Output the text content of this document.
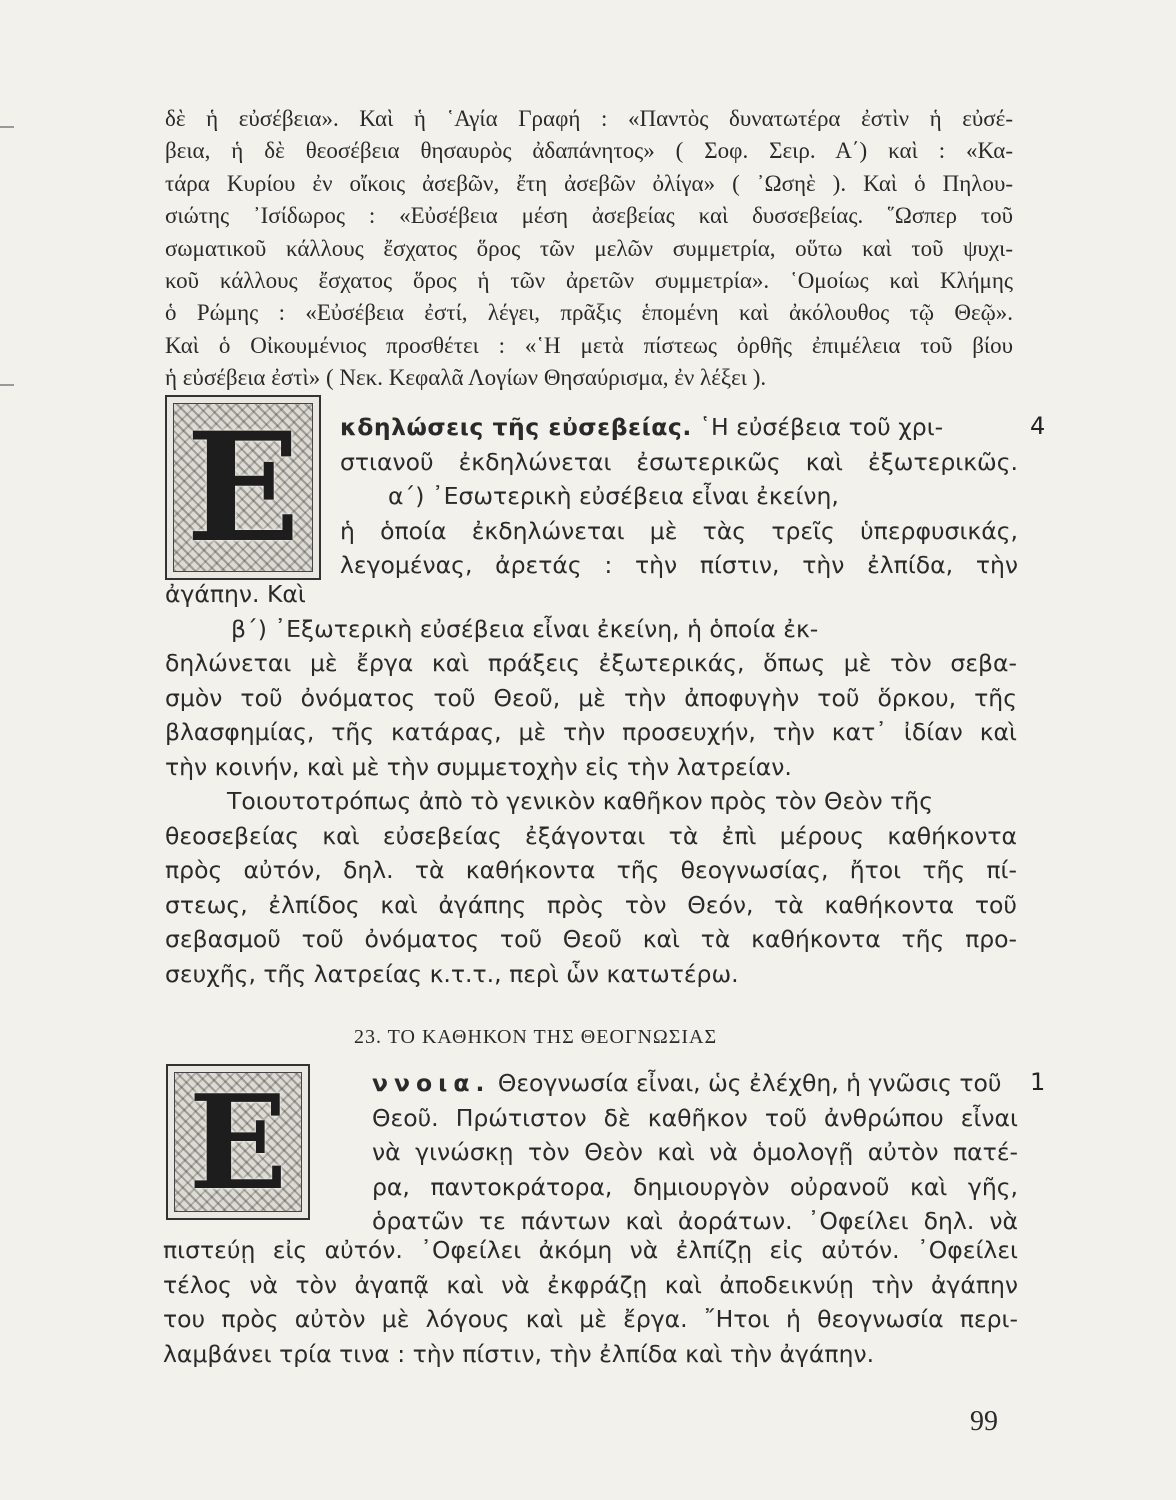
δὲ ἡ εὐσέβεια». Καὶ ἡ ῾Αγία Γραφή : «Παντὸς δυνατωτέρα ἐστὶν ἡ εὐσέ-
βεια, ἡ δὲ θεοσέβεια θησαυρὸς ἀδαπάνητος» ( Σοφ. Σειρ. Α΄) καὶ : «Κα-
τάρα Κυρίου ἐν οἴκοις ἀσεβῶν, ἔτη ἀσεβῶν ὀλίγα» ( ᾿Ωσηὲ ). Καὶ ὁ Πηλου-
σιώτης ᾿Ισίδωρος : «Εὐσέβεια μέση ἀσεβείας καὶ δυσσεβείας. ῞Ωσπερ τοῦ
σωματικοῦ κάλλους ἔσχατος ὅρος τῶν μελῶν συμμετρία, οὕτω καὶ τοῦ ψυχι-
κοῦ κάλλους ἔσχατος ὅρος ἡ τῶν ἀρετῶν συμμετρία». ῾Ομοίως καὶ Κλήμης
ὁ Ρώμης : «Εὐσέβεια ἐστί, λέγει, πρᾶξις ἑπομένη καὶ ἀκόλουθος τῷ Θεῷ».
Καὶ ὁ Οἰκουμένιος προσθέτει : «῾Η μετὰ πίστεως ὀρθῆς ἐπιμέλεια τοῦ βίου
ἡ εὐσέβεια ἐστὶ» ( Νεκ. Κεφαλᾶ Λογίων Θησαύρισμα, ἐν λέξει ).
E	κδηλώσεις τῆς εὐσεβείας. ῾Η εὐσέβεια τοῦ χρι-
στιανοῦ ἐκδηλώνεται ἐσωτερικῶς καὶ ἐξωτερικῶς.
α΄) ᾿Εσωτερικὴ εὐσέβεια εἶναι ἐκείνη,
ἡ ὁποία ἐκδηλώνεται μὲ τὰς τρεῖς ὑπερφυσικάς,
λεγομένας, ἀρετάς : τὴν πίστιν, τὴν ἐλπίδα, τὴν
4
ἀγάπην. Καὶ
β΄) ᾿Εξωτερικὴ εὐσέβεια εἶναι ἐκείνη, ἡ ὁποία ἐκ-
δηλώνεται μὲ ἔργα καὶ πράξεις ἐξωτερικάς, ὅπως μὲ τὸν σεβα-
σμὸν τοῦ ὀνόματος τοῦ Θεοῦ, μὲ τὴν ἀποφυγὴν τοῦ ὅρκου, τῆς
βλασφημίας, τῆς κατάρας, μὲ τὴν προσευχήν, τὴν κατ᾿ ἰδίαν καὶ
τὴν κοινήν, καὶ μὲ τὴν συμμετοχὴν εἰς τὴν λατρείαν.
Τοιουτοτρόπως ἀπὸ τὸ γενικὸν καθῆκον πρὸς τὸν Θεὸν τῆς
θεοσεβείας καὶ εὐσεβείας ἐξάγονται τὰ ἐπὶ μέρους καθήκοντα
πρὸς αὐτόν, δηλ. τὰ καθήκοντα τῆς θεογνωσίας, ἤτοι τῆς πί-
στεως, ἐλπίδος καὶ ἀγάπης πρὸς τὸν Θεόν, τὰ καθήκοντα τοῦ
σεβασμοῦ τοῦ ὀνόματος τοῦ Θεοῦ καὶ τὰ καθήκοντα τῆς προ-
σευχῆς, τῆς λατρείας κ.τ.τ., περὶ ὧν κατωτέρω.
23. ΤΟ ΚΑΘΗΚΟΝ ΤΗΣ ΘΕΟΓΝΩΣΙΑΣ
E	ννοια. Θεογνωσία εἶναι, ὡς ἐλέχθη, ἡ γνῶσις τοῦ
Θεοῦ. Πρώτιστον δὲ καθῆκον τοῦ ἀνθρώπου εἶναι
νὰ γινώσκῃ τὸν Θεὸν καὶ νὰ ὁμολογῇ αὐτὸν πατέ-
ρα, παντοκράτορα, δημιουργὸν οὐρανοῦ καὶ γῆς,
ὁρατῶν τε πάντων καὶ ἀοράτων. ᾿Οφείλει δηλ. νὰ
1
πιστεύῃ εἰς αὐτόν. ᾿Οφείλει ἀκόμη νὰ ἐλπίζῃ εἰς αὐτόν. ᾿Οφείλει
τέλος νὰ τὸν ἀγαπᾷ καὶ νὰ ἐκφράζῃ καὶ ἀποδεικνύῃ τὴν ἀγάπην
του πρὸς αὐτὸν μὲ λόγους καὶ μὲ ἔργα. ῎Ητοι ἡ θεογνωσία περι-
λαμβάνει τρία τινα : τὴν πίστιν, τὴν ἐλπίδα καὶ τὴν ἀγάπην.
99
